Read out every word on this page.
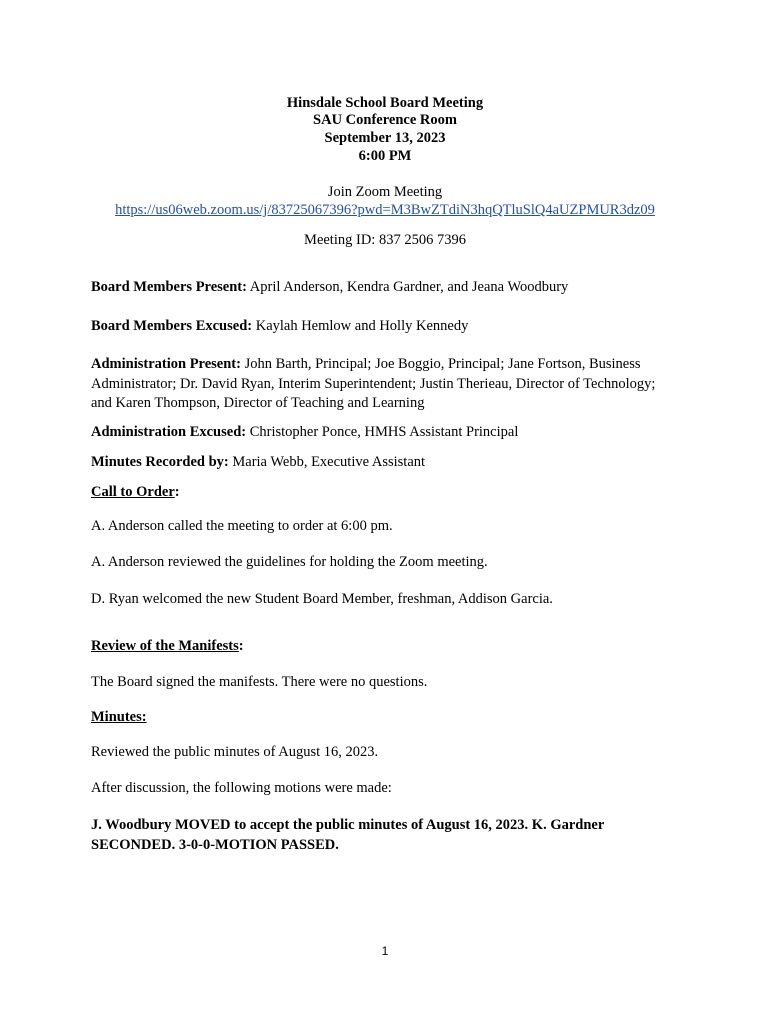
Hinsdale School Board Meeting
SAU Conference Room
September 13, 2023
6:00 PM
Join Zoom Meeting
https://us06web.zoom.us/j/83725067396?pwd=M3BwZTdiN3hqQTluSlQ4aUZPMUR3dz09
Meeting ID: 837 2506 7396
Board Members Present: April Anderson, Kendra Gardner, and Jeana Woodbury
Board Members Excused: Kaylah Hemlow and Holly Kennedy
Administration Present: John Barth, Principal; Joe Boggio, Principal; Jane Fortson, Business Administrator; Dr. David Ryan, Interim Superintendent; Justin Therieau, Director of Technology; and Karen Thompson, Director of Teaching and Learning
Administration Excused: Christopher Ponce, HMHS Assistant Principal
Minutes Recorded by: Maria Webb, Executive Assistant
Call to Order:
A. Anderson called the meeting to order at 6:00 pm.
A. Anderson reviewed the guidelines for holding the Zoom meeting.
D. Ryan welcomed the new Student Board Member, freshman, Addison Garcia.
Review of the Manifests:
The Board signed the manifests. There were no questions.
Minutes:
Reviewed the public minutes of August 16, 2023.
After discussion, the following motions were made:
J. Woodbury MOVED to accept the public minutes of August 16, 2023. K. Gardner SECONDED. 3-0-0-MOTION PASSED.
1
